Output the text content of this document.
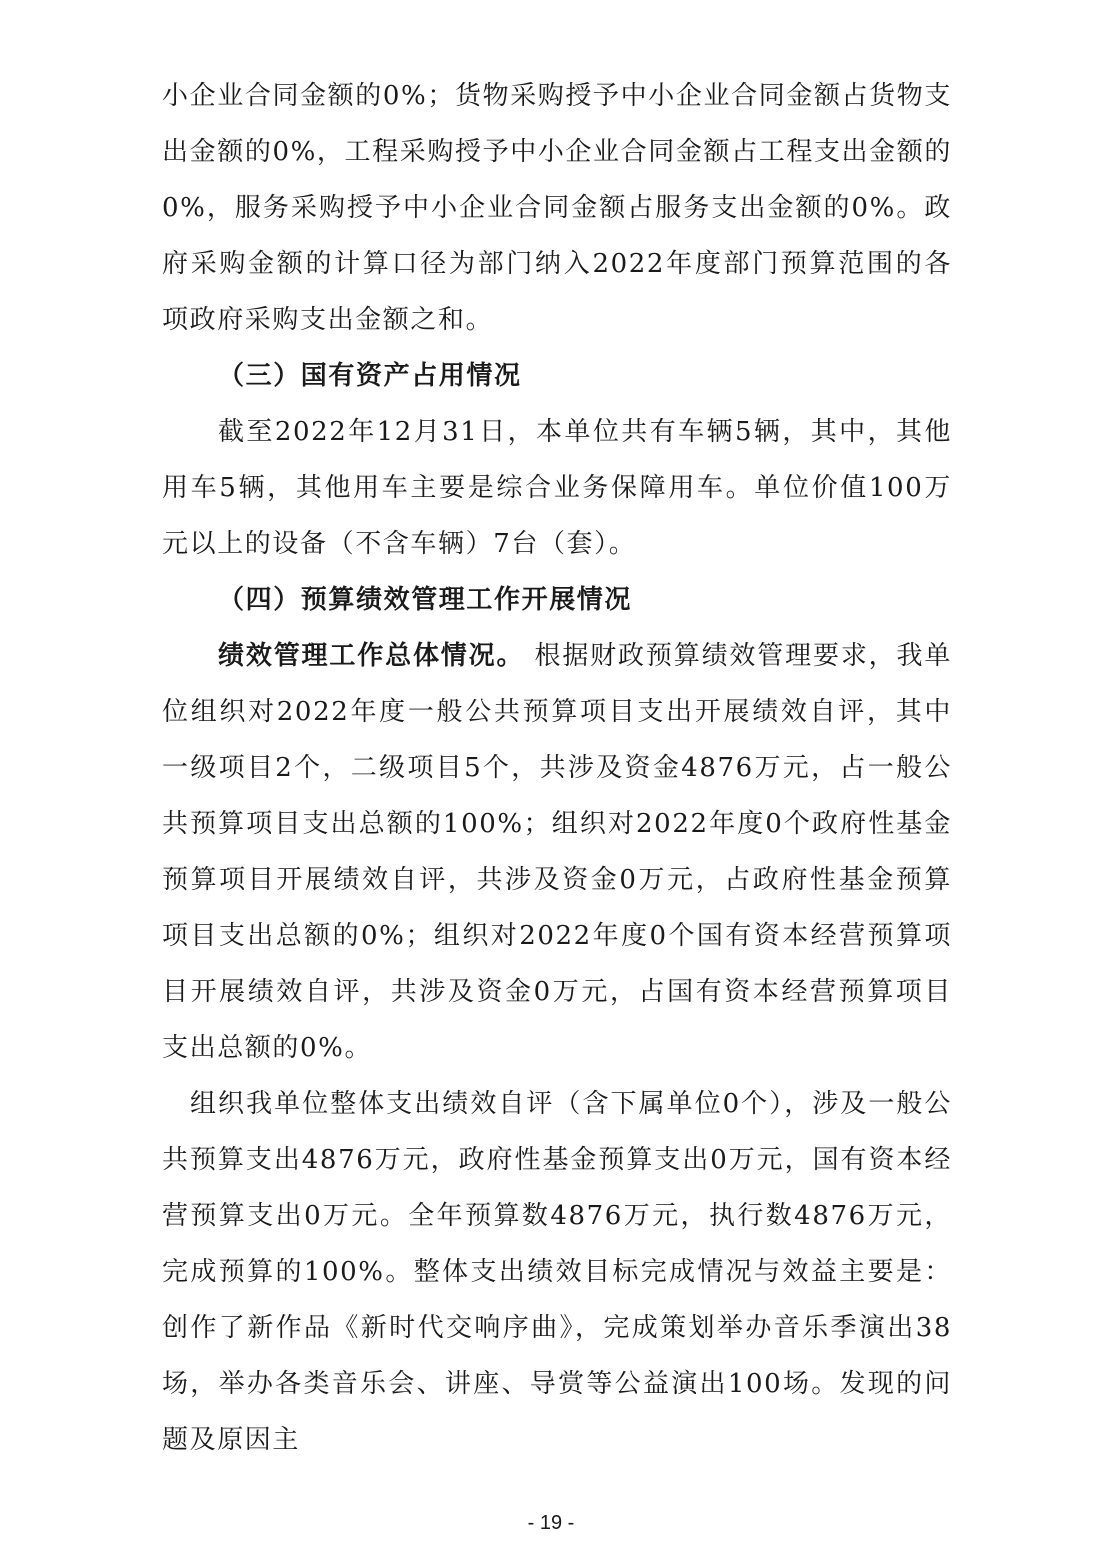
小企业合同金额的0%；货物采购授予中小企业合同金额占货物支出金额的0%，工程采购授予中小企业合同金额占工程支出金额的0%，服务采购授予中小企业合同金额占服务支出金额的0%。政府采购金额的计算口径为部门纳入2022年度部门预算范围的各项政府采购支出金额之和。

（三）国有资产占用情况

截至2022年12月31日，本单位共有车辆5辆，其中，其他用车5辆，其他用车主要是综合业务保障用车。单位价值100万元以上的设备（不含车辆）7台（套）。

（四）预算绩效管理工作开展情况

绩效管理工作总体情况。 根据财政预算绩效管理要求，我单位组织对2022年度一般公共预算项目支出开展绩效自评，其中一级项目2个，二级项目5个，共涉及资金4876万元，占一般公共预算项目支出总额的100%；组织对2022年度0个政府性基金预算项目开展绩效自评，共涉及资金0万元，占政府性基金预算项目支出总额的0%；组织对2022年度0个国有资本经营预算项目开展绩效自评，共涉及资金0万元，占国有资本经营预算项目支出总额的0%。

组织我单位整体支出绩效自评（含下属单位0个），涉及一般公共预算支出4876万元，政府性基金预算支出0万元，国有资本经营预算支出0万元。全年预算数4876万元，执行数4876万元，完成预算的100%。整体支出绩效目标完成情况与效益主要是：创作了新作品《新时代交响序曲》，完成策划举办音乐季演出38场，举办各类音乐会、讲座、导赏等公益演出100场。发现的问题及原因主

- 19 -
